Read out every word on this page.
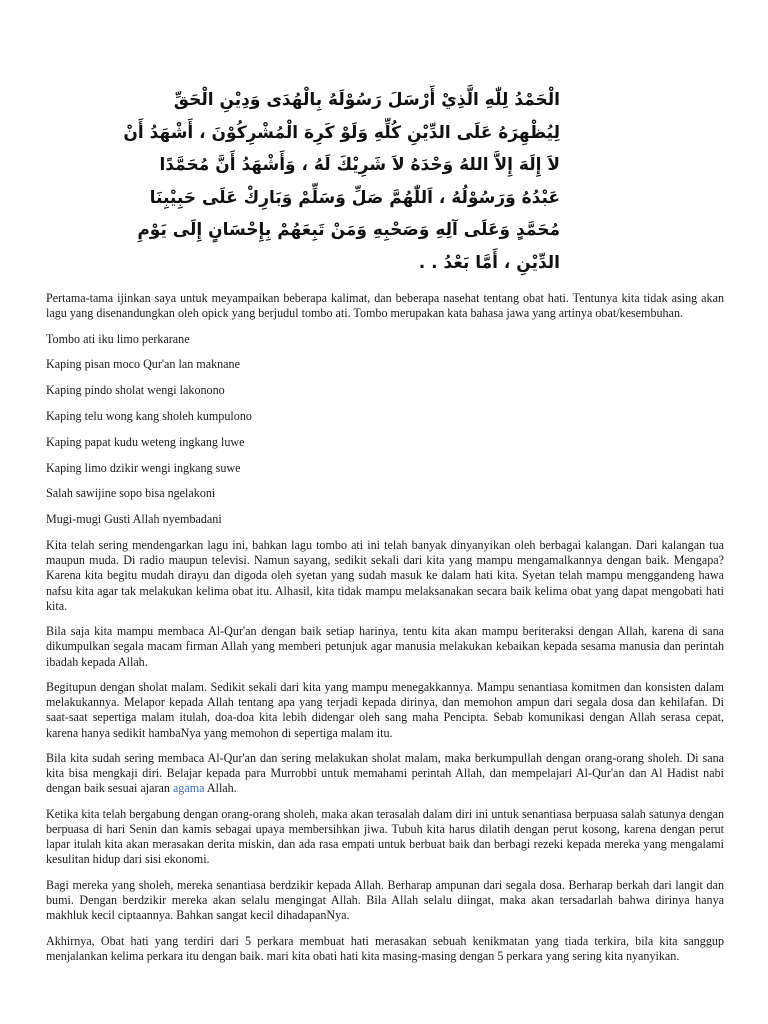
الْحَمْدُ لِلّٰهِ الَّذِيْ أَرْسَلَ رَسُوْلَهُ بِالْهُدَى وَدِيْنِ الْحَقِّ
لِيُظْهِرَهُ عَلَى الدِّيْنِ كُلِّهِ وَلَوْ كَرِهَ الْمُشْرِكُوْنَ ، أَشْهَدُ أَنْ
لاَ إِلَهَ إِلاَّ اللهُ وَحْدَهُ لاَ شَرِيْكَ لَهُ ، وَأَشْهَدُ أَنَّ مُحَمَّدًا
عَبْدُهُ وَرَسُوْلُهُ ، اَللّٰهُمَّ صَلِّ وَسَلِّمْ وَبَارِكْ عَلَى حَبِيْبِنَا
مُحَمَّدٍ وَعَلَى آلِهِ وَصَحْبِهِ وَمَنْ تَبِعَهُمْ بِإِحْسَانٍ إِلَى يَوْمِ
الدِّيْنِ ، أَمَّا بَعْدُ . .

Pertama-tama ijinkan saya untuk meyampaikan beberapa kalimat, dan beberapa nasehat tentang obat hati. Tentunya kita tidak asing akan lagu yang disenandungkan oleh opick yang berjudul tombo ati. Tombo merupakan kata bahasa jawa yang artinya obat/kesembuhan.

Tombo ati iku limo perkarane

Kaping pisan moco Qur'an lan maknane

Kaping pindo sholat wengi lakonono

Kaping telu wong kang sholeh kumpulono

Kaping papat kudu weteng ingkang luwe

Kaping limo dzikir wengi ingkang suwe

Salah sawijine sopo bisa ngelakoni

Mugi-mugi Gusti Allah nyembadani

Kita telah sering mendengarkan lagu ini, bahkan lagu tombo ati ini telah banyak dinyanyikan oleh berbagai kalangan. Dari kalangan tua maupun muda. Di radio maupun televisi. Namun sayang, sedikit sekali dari kita yang mampu mengamalkannya dengan baik. Mengapa? Karena kita begitu mudah dirayu dan digoda oleh syetan yang sudah masuk ke dalam hati kita. Syetan telah mampu menggandeng hawa nafsu kita agar tak melakukan kelima obat itu. Alhasil, kita tidak mampu melaksanakan secara baik kelima obat yang dapat mengobati hati kita.

Bila saja kita mampu membaca Al-Qur'an dengan baik setiap harinya, tentu kita akan mampu beriteraksi dengan Allah, karena di sana dikumpulkan segala macam firman Allah yang memberi petunjuk agar manusia melakukan kebaikan kepada sesama manusia dan perintah ibadah kepada Allah.

Begitupun dengan sholat malam. Sedikit sekali dari kita yang mampu menegakkannya. Mampu senantiasa komitmen dan konsisten dalam melakukannya. Melapor kepada Allah tentang apa yang terjadi kepada dirinya, dan memohon ampun dari segala dosa dan kehilafan. Di saat-saat sepertiga malam itulah, doa-doa kita lebih didengar oleh sang maha Pencipta. Sebab komunikasi dengan Allah serasa cepat, karena hanya sedikit hambaNya yang memohon di sepertiga malam itu.

Bila kita sudah sering membaca Al-Qur'an dan sering melakukan sholat malam, maka berkumpullah dengan orang-orang sholeh. Di sana kita bisa mengkaji diri. Belajar kepada para Murrobbi untuk memahami perintah Allah, dan mempelajari Al-Qur'an dan Al Hadist nabi dengan baik sesuai ajaran agama Allah.

Ketika kita telah bergabung dengan orang-orang sholeh, maka akan terasalah dalam diri ini untuk senantiasa berpuasa salah satunya dengan berpuasa di hari Senin dan kamis sebagai upaya membersihkan jiwa. Tubuh kita harus dilatih dengan perut kosong, karena dengan perut lapar itulah kita akan merasakan derita miskin, dan ada rasa empati untuk berbuat baik dan berbagi rezeki kepada mereka yang mengalami kesulitan hidup dari sisi ekonomi.

Bagi mereka yang sholeh, mereka senantiasa berdzikir kepada Allah. Berharap ampunan dari segala dosa. Berharap berkah dari langit dan bumi. Dengan berdzikir mereka akan selalu mengingat Allah. Bila Allah selalu diingat, maka akan tersadarlah bahwa dirinya hanya makhluk kecil ciptaannya. Bahkan sangat kecil dihadapanNya.

Akhirnya, Obat hati yang terdiri dari 5 perkara membuat hati merasakan sebuah kenikmatan yang tiada terkira, bila kita sanggup menjalankan kelima perkara itu dengan baik. mari kita obati hati kita masing-masing dengan 5 perkara yang sering kita nyanyikan.
